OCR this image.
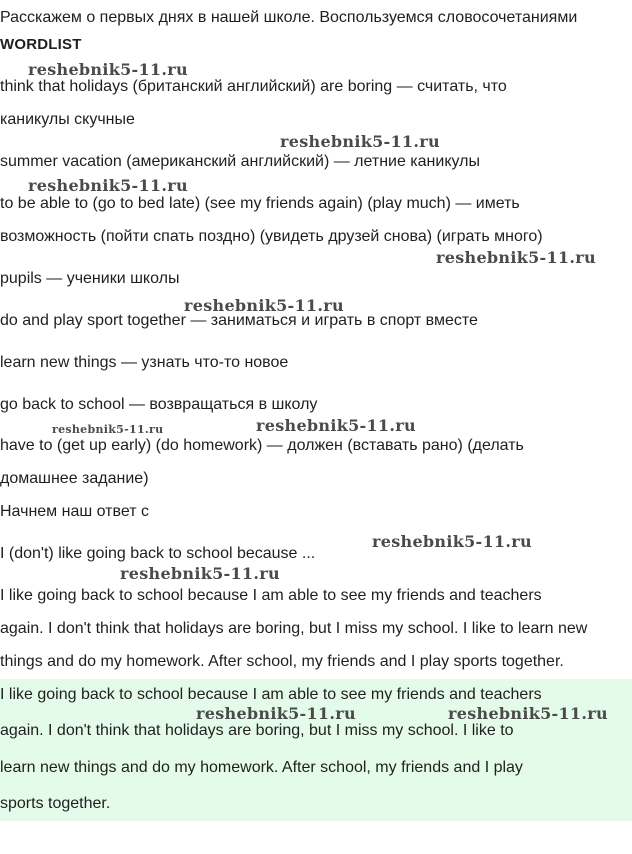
Расскажем о первых днях в нашей школе. Воспользуемся словосочетаниями
WORDLIST
think that holidays (британский английский) are boring — считать, что
каникулы скучные
summer vacation (американский английский) — летние каникулы
to be able to (go to bed late) (see my friends again) (play much) — иметь
возможность (пойти спать поздно) (увидеть друзей снова) (играть много)
pupils — ученики школы
do and play sport together — заниматься и играть в спорт вместе
learn new things — узнать что-то новое
go back to school — возвращаться в школу
have to (get up early) (do homework) — должен (вставать рано) (делать
домашнее задание)
Начнем наш ответ с
I (don't) like going back to school because ...
I like going back to school because I am able to see my friends and teachers
again. I don't think that holidays are boring, but I miss my school. I like to learn new
things and do my homework. After school, my friends and I play sports together.
I like going back to school because I am able to see my friends and teachers
again. I don't think that holidays are boring, but I miss my school. I like to
learn new things and do my homework. After school, my friends and I play
sports together.
reshebnik5-11.ru
reshebnik5-11.ru
reshebnik5-11.ru
reshebnik5-11.ru
reshebnik5-11.ru
reshebnik5-11.ru	reshebnik5-11.ru
reshebnik5-11.ru
reshebnik5-11.ru
reshebnik5-11.ru	reshebnik5-11.ru
